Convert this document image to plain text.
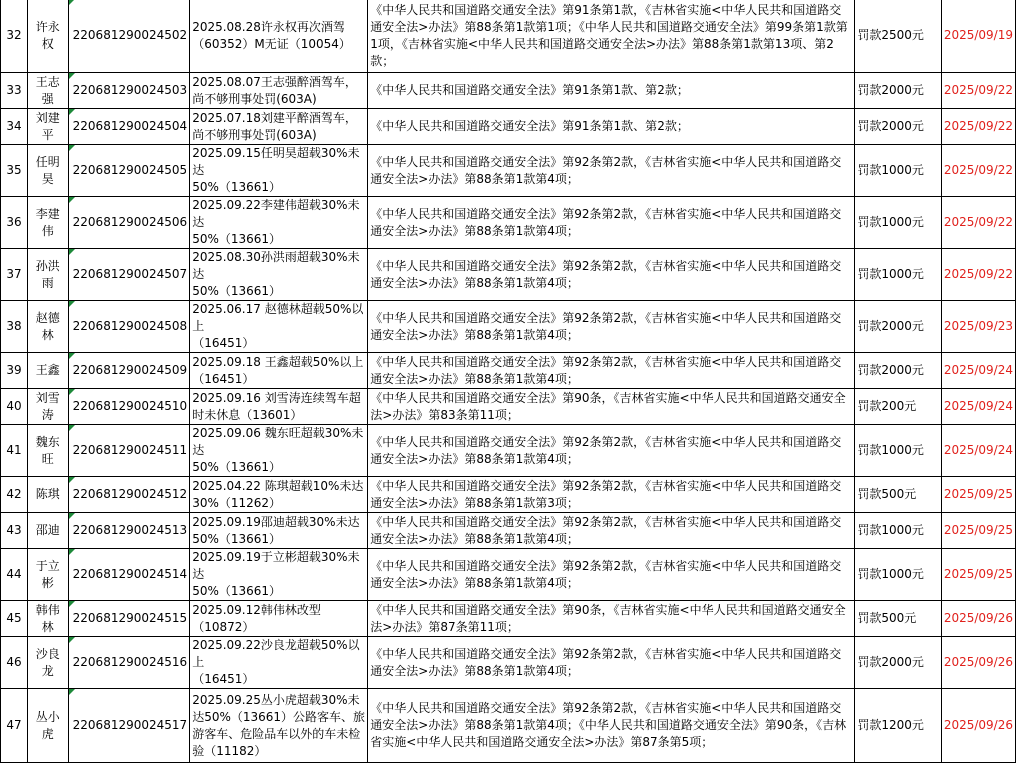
32	许永权	220681290024502	2025.08.28许永权再次酒驾
（60352）M无证（10054）	《中华人民共和国道路交通安全法》第91条第1款，《吉林省实施<中华人民共和国道路交通安全法>办法》第88条第1款第1项；《中华人民共和国道路交通安全法》第99条第1款第1项，《吉林省实施<中华人民共和国道路交通安全法>办法》第88条第1款第13项、第2款；	罚款2500元	2025/09/19
33	王志强	220681290024503	2025.08.07王志强醉酒驾车，尚不够刑事处罚(603A)	《中华人民共和国道路交通安全法》第91条第1款、第2款；	罚款2000元	2025/09/22
34	刘建平	220681290024504	2025.07.18刘建平醉酒驾车，尚不够刑事处罚(603A)	《中华人民共和国道路交通安全法》第91条第1款、第2款；	罚款2000元	2025/09/22
35	任明昊	220681290024505	2025.09.15任明昊超载30%未达
50%（13661）	《中华人民共和国道路交通安全法》第92条第2款，《吉林省实施<中华人民共和国道路交通安全法>办法》第88条第1款第4项；	罚款1000元	2025/09/22
36	李建伟	220681290024506	2025.09.22李建伟超载30%未达
50%（13661）	《中华人民共和国道路交通安全法》第92条第2款，《吉林省实施<中华人民共和国道路交通安全法>办法》第88条第1款第4项；	罚款1000元	2025/09/22
37	孙洪雨	220681290024507	2025.08.30孙洪雨超载30%未达
50%（13661）	《中华人民共和国道路交通安全法》第92条第2款，《吉林省实施<中华人民共和国道路交通安全法>办法》第88条第1款第4项；	罚款1000元	2025/09/22
38	赵德林	220681290024508	2025.06.17 赵德林超载50%以上
（16451）	《中华人民共和国道路交通安全法》第92条第2款，《吉林省实施<中华人民共和国道路交通安全法>办法》第88条第1款第4项；	罚款2000元	2025/09/23
39	王鑫	220681290024509	2025.09.18 王鑫超载50%以上
（16451）	《中华人民共和国道路交通安全法》第92条第2款，《吉林省实施<中华人民共和国道路交通安全法>办法》第88条第1款第4项；	罚款2000元	2025/09/24
40	刘雪涛	220681290024510	2025.09.16 刘雪涛连续驾车超时未休息（13601）	《中华人民共和国道路交通安全法》第90条，《吉林省实施<中华人民共和国道路交通安全法>办法》第83条第11项；	罚款200元	2025/09/24
41	魏东旺	220681290024511	2025.09.06 魏东旺超载30%未达
50%（13661）	《中华人民共和国道路交通安全法》第92条第2款，《吉林省实施<中华人民共和国道路交通安全法>办法》第88条第1款第4项；	罚款1000元	2025/09/24
42	陈琪	220681290024512	2025.04.22 陈琪超载10%未达
30%（11262）	《中华人民共和国道路交通安全法》第92条第2款，《吉林省实施<中华人民共和国道路交通安全法>办法》第88条第1款第3项；	罚款500元	2025/09/25
43	邵迪	220681290024513	2025.09.19邵迪超载30%未达
50%（13661）	《中华人民共和国道路交通安全法》第92条第2款，《吉林省实施<中华人民共和国道路交通安全法>办法》第88条第1款第4项；	罚款1000元	2025/09/25
44	于立彬	220681290024514	2025.09.19于立彬超载30%未达
50%（13661）	《中华人民共和国道路交通安全法》第92条第2款，《吉林省实施<中华人民共和国道路交通安全法>办法》第88条第1款第4项；	罚款1000元	2025/09/25
45	韩伟林	220681290024515	2025.09.12韩伟林改型
（10872）	《中华人民共和国道路交通安全法》第90条，《吉林省实施<中华人民共和国道路交通安全法>办法》第87条第11项；	罚款500元	2025/09/26
46	沙良龙	220681290024516	2025.09.22沙良龙超载50%以上
（16451）	《中华人民共和国道路交通安全法》第92条第2款，《吉林省实施<中华人民共和国道路交通安全法>办法》第88条第1款第4项；	罚款2000元	2025/09/26
47	丛小虎	220681290024517	2025.09.25丛小虎超载30%未达50%（13661）公路客车、旅游客车、危险品车以外的车未检验（11182）	《中华人民共和国道路交通安全法》第92条第2款，《吉林省实施<中华人民共和国道路交通安全法>办法》第88条第1款第4项；《中华人民共和国道路交通安全法》第90条，《吉林省实施<中华人民共和国道路交通安全法>办法》第87条第5项；	罚款1200元	2025/09/26
